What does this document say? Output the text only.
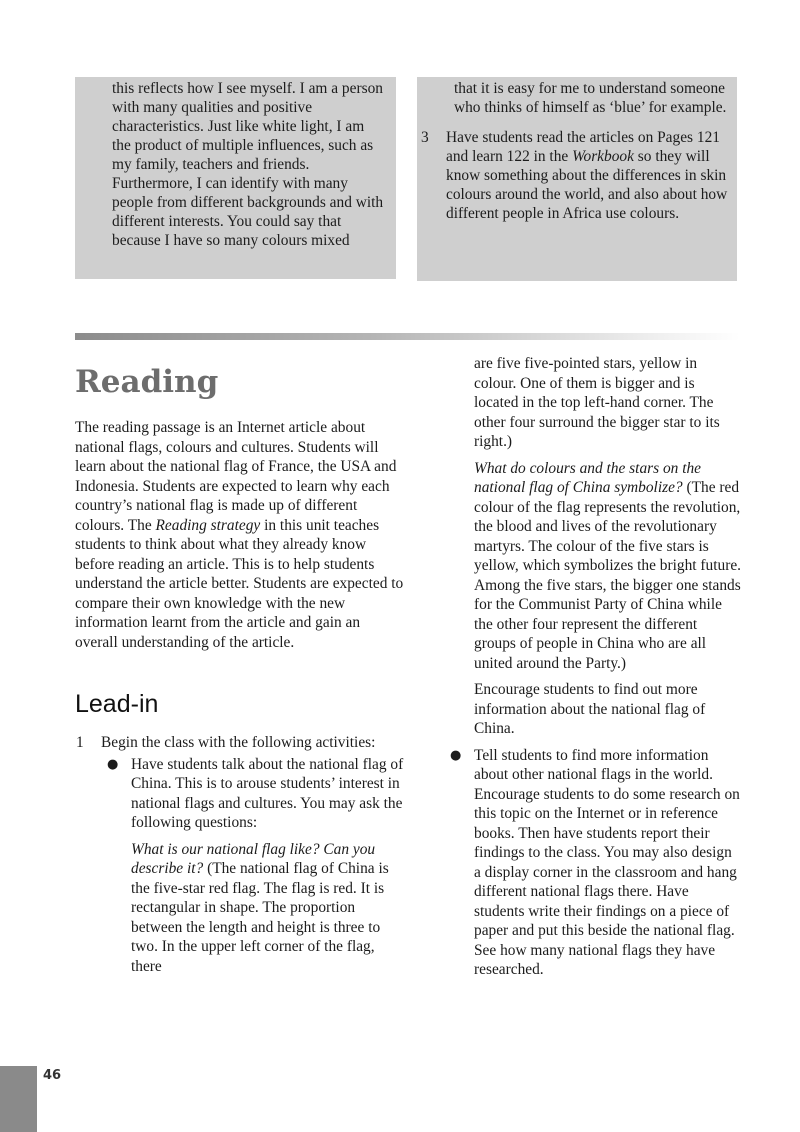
this reflects how I see myself. I am a person with many qualities and positive characteristics. Just like white light, I am the product of multiple influences, such as my family, teachers and friends. Furthermore, I can identify with many people from different backgrounds and with different interests. You could say that because I have so many colours mixed

that it is easy for me to understand someone who thinks of himself as ‘blue’ for example.

3 Have students read the articles on Pages 121 and learn 122 in the Workbook so they will know something about the differences in skin colours around the world, and also about how different people in Africa use colours.
Reading

The reading passage is an Internet article about national flags, colours and cultures. Students will learn about the national flag of France, the USA and Indonesia. Students are expected to learn why each country’s national flag is made up of different colours. The Reading strategy in this unit teaches students to think about what they already know before reading an article. This is to help students understand the article better. Students are expected to compare their own knowledge with the new information learnt from the article and gain an overall understanding of the article.

Lead-in
1 Begin the class with the following activities:
● Have students talk about the national flag of China. This is to arouse students’ interest in national flags and cultures. You may ask the following questions:

What is our national flag like? Can you describe it? (The national flag of China is the five-star red flag. The flag is red. It is rectangular in shape. The proportion between the length and height is three to two. In the upper left corner of the flag, there

are five five-pointed stars, yellow in colour. One of them is bigger and is located in the top left-hand corner. The other four surround the bigger star to its right.)

What do colours and the stars on the national flag of China symbolize? (The red colour of the flag represents the revolution, the blood and lives of the revolutionary martyrs. The colour of the five stars is yellow, which symbolizes the bright future. Among the five stars, the bigger one stands for the Communist Party of China while the other four represent the different groups of people in China who are all united around the Party.)

Encourage students to find out more information about the national flag of China.

● Tell students to find more information about other national flags in the world. Encourage students to do some research on this topic on the Internet or in reference books. Then have students report their findings to the class. You may also design a display corner in the classroom and hang different national flags there. Have students write their findings on a piece of paper and put this beside the national flag. See how many national flags they have researched.
46
